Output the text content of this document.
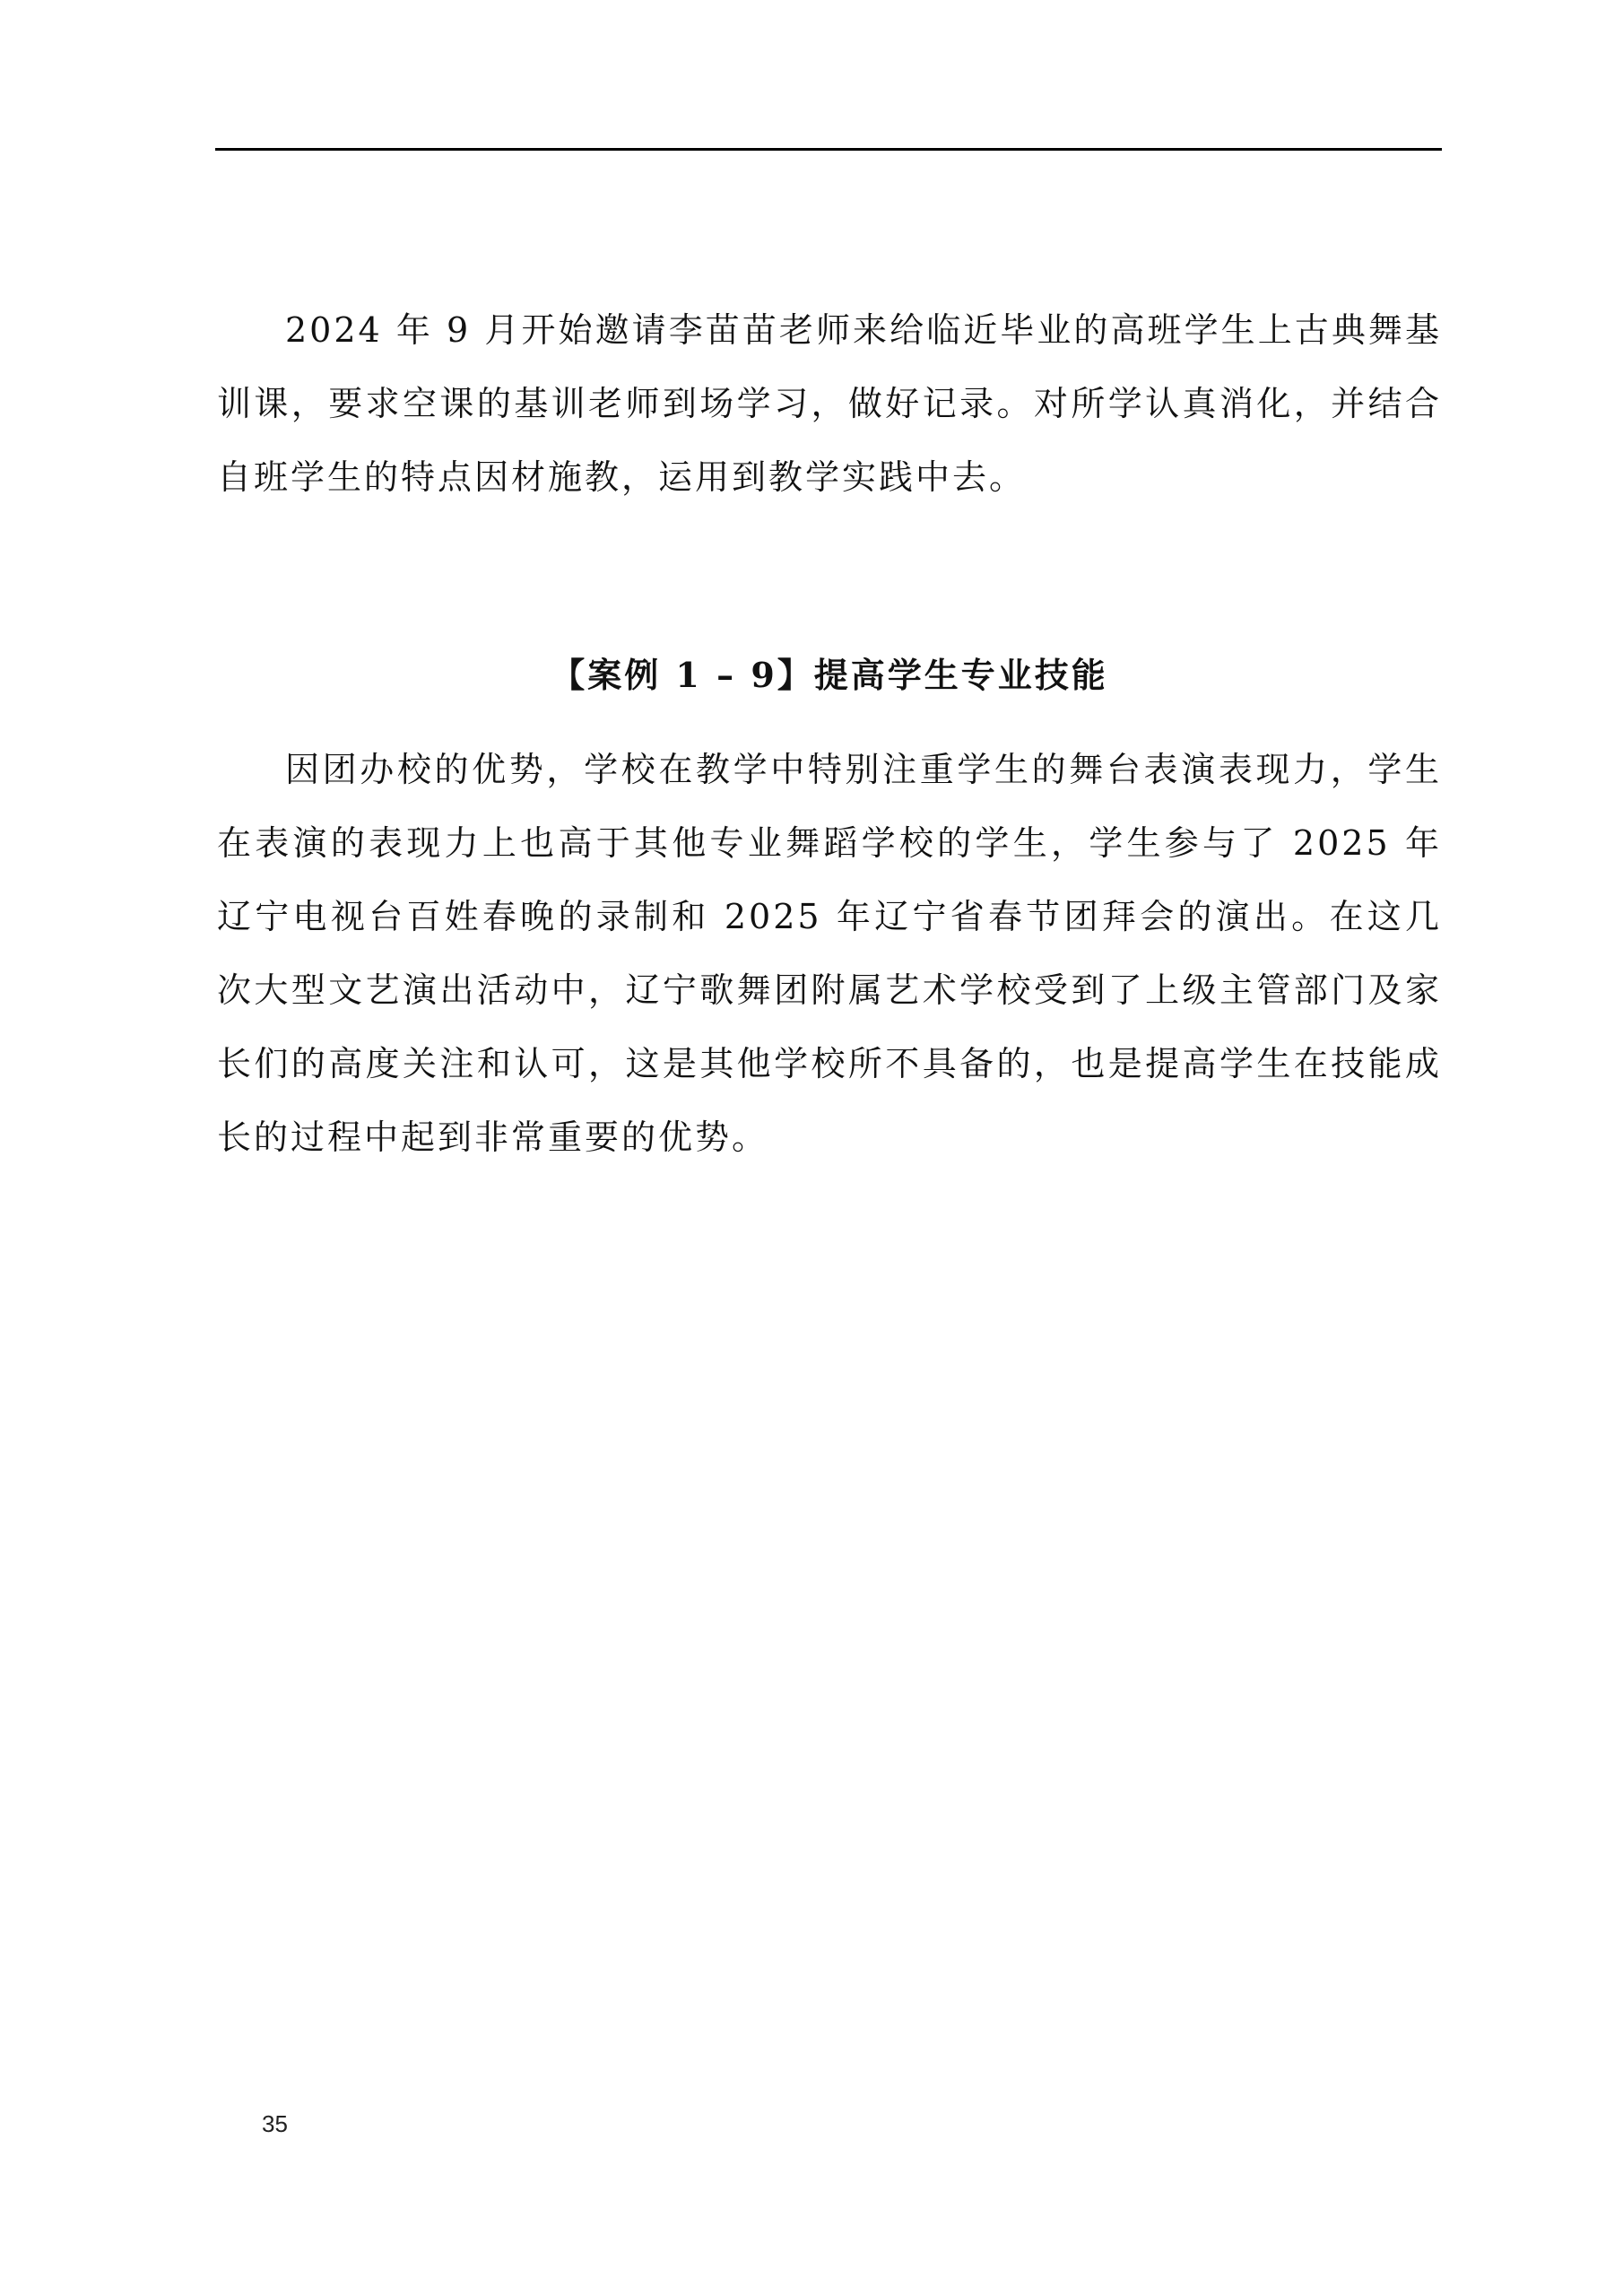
2024 年 9 月开始邀请李苗苗老师来给临近毕业的高班学生上古典舞基训课，要求空课的基训老师到场学习，做好记录。对所学认真消化，并结合自班学生的特点因材施教，运用到教学实践中去。

【案例 1 – 9】提高学生专业技能

因团办校的优势，学校在教学中特别注重学生的舞台表演表现力，学生在表演的表现力上也高于其他专业舞蹈学校的学生，学生参与了 2025 年辽宁电视台百姓春晚的录制和 2025 年辽宁省春节团拜会的演出。在这几次大型文艺演出活动中，辽宁歌舞团附属艺术学校受到了上级主管部门及家长们的高度关注和认可，这是其他学校所不具备的，也是提高学生在技能成长的过程中起到非常重要的优势。

35
